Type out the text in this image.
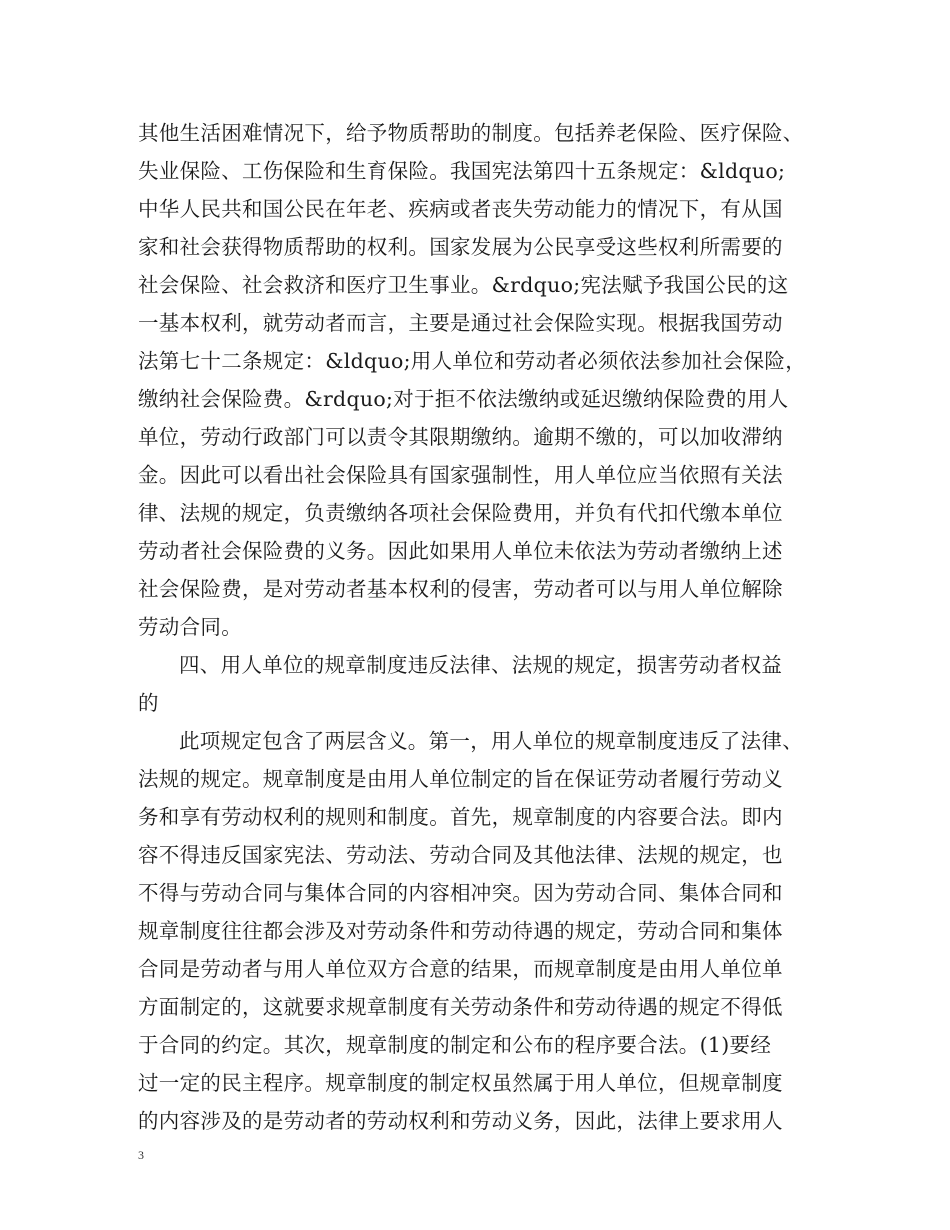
其他生活困难情况下，给予物质帮助的制度。包括养老保险、医疗保险、
失业保险、工伤保险和生育保险。我国宪法第四十五条规定：&ldquo;
中华人民共和国公民在年老、疾病或者丧失劳动能力的情况下，有从国
家和社会获得物质帮助的权利。国家发展为公民享受这些权利所需要的
社会保险、社会救济和医疗卫生事业。&rdquo;宪法赋予我国公民的这
一基本权利，就劳动者而言，主要是通过社会保险实现。根据我国劳动
法第七十二条规定：&ldquo;用人单位和劳动者必须依法参加社会保险，
缴纳社会保险费。&rdquo;对于拒不依法缴纳或延迟缴纳保险费的用人
单位，劳动行政部门可以责令其限期缴纳。逾期不缴的，可以加收滞纳
金。因此可以看出社会保险具有国家强制性，用人单位应当依照有关法
律、法规的规定，负责缴纳各项社会保险费用，并负有代扣代缴本单位
劳动者社会保险费的义务。因此如果用人单位未依法为劳动者缴纳上述
社会保险费，是对劳动者基本权利的侵害，劳动者可以与用人单位解除
劳动合同。
四、用人单位的规章制度违反法律、法规的规定，损害劳动者权益
的
此项规定包含了两层含义。第一，用人单位的规章制度违反了法律、
法规的规定。规章制度是由用人单位制定的旨在保证劳动者履行劳动义
务和享有劳动权利的规则和制度。首先，规章制度的内容要合法。即内
容不得违反国家宪法、劳动法、劳动合同及其他法律、法规的规定，也
不得与劳动合同与集体合同的内容相冲突。因为劳动合同、集体合同和
规章制度往往都会涉及对劳动条件和劳动待遇的规定，劳动合同和集体
合同是劳动者与用人单位双方合意的结果，而规章制度是由用人单位单
方面制定的，这就要求规章制度有关劳动条件和劳动待遇的规定不得低
于合同的约定。其次，规章制度的制定和公布的程序要合法。(1)要经
过一定的民主程序。规章制度的制定权虽然属于用人单位，但规章制度
的内容涉及的是劳动者的劳动权利和劳动义务，因此，法律上要求用人
3
